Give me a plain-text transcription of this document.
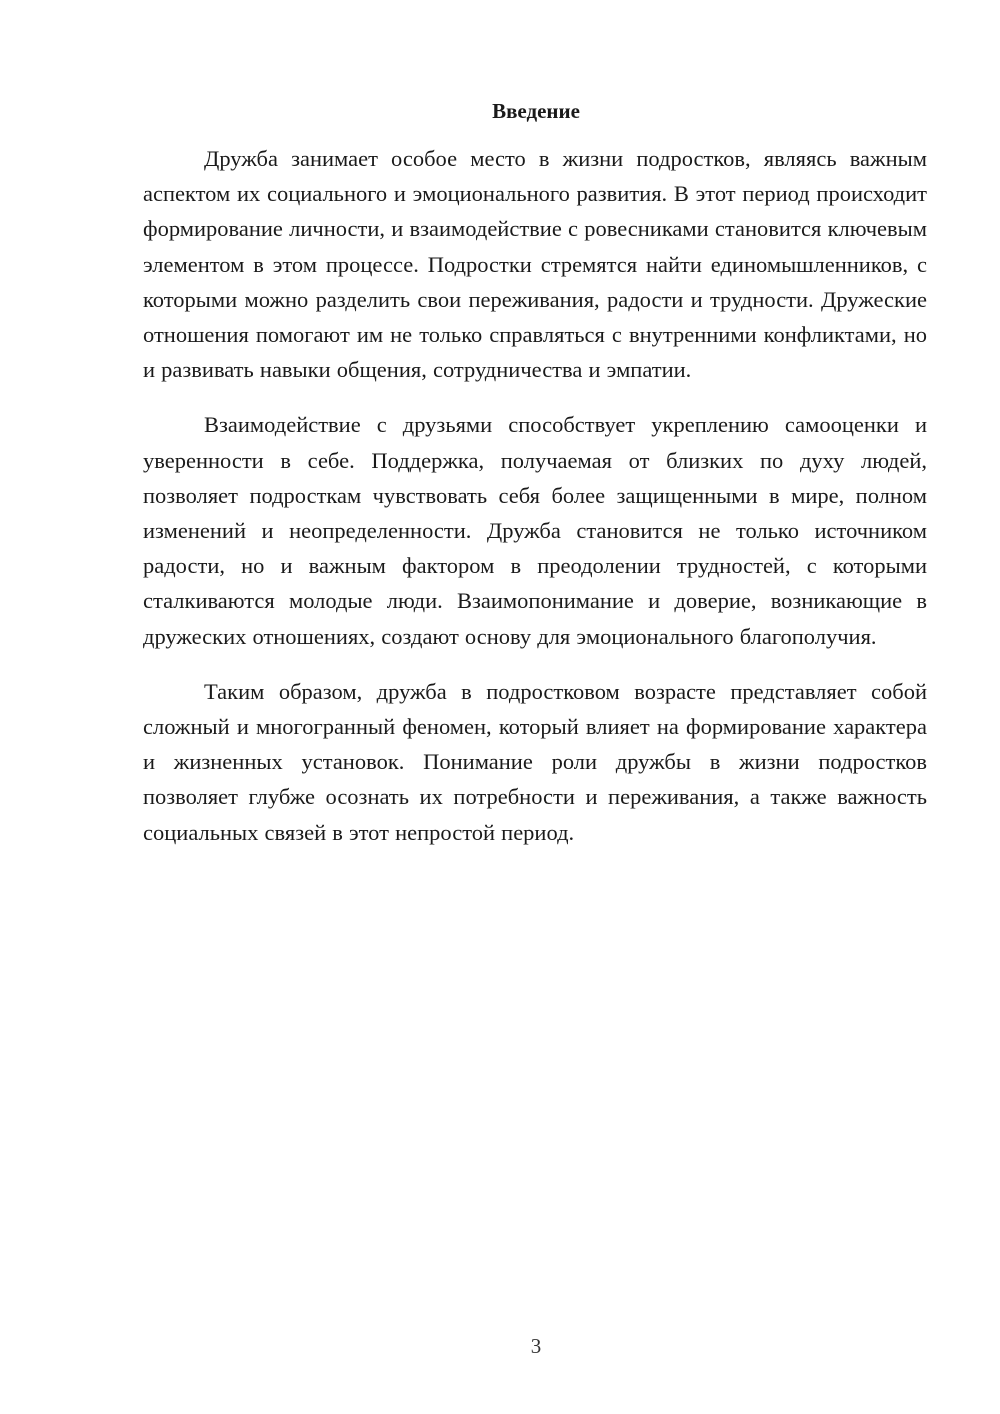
Введение

Дружба занимает особое место в жизни подростков, являясь важным аспектом их социального и эмоционального развития. В этот период происходит формирование личности, и взаимодействие с ровесниками становится ключевым элементом в этом процессе. Подростки стремятся найти единомышленников, с которыми можно разделить свои переживания, радости и трудности. Дружеские отношения помогают им не только справляться с внутренними конфликтами, но и развивать навыки общения, сотрудничества и эмпатии.

Взаимодействие с друзьями способствует укреплению самооценки и уверенности в себе. Поддержка, получаемая от близких по духу людей, позволяет подросткам чувствовать себя более защищенными в мире, полном изменений и неопределенности. Дружба становится не только источником радости, но и важным фактором в преодолении трудностей, с которыми сталкиваются молодые люди. Взаимопонимание и доверие, возникающие в дружеских отношениях, создают основу для эмоционального благополучия.

Таким образом, дружба в подростковом возрасте представляет собой сложный и многогранный феномен, который влияет на формирование характера и жизненных установок. Понимание роли дружбы в жизни подростков позволяет глубже осознать их потребности и переживания, а также важность социальных связей в этот непростой период.

3
